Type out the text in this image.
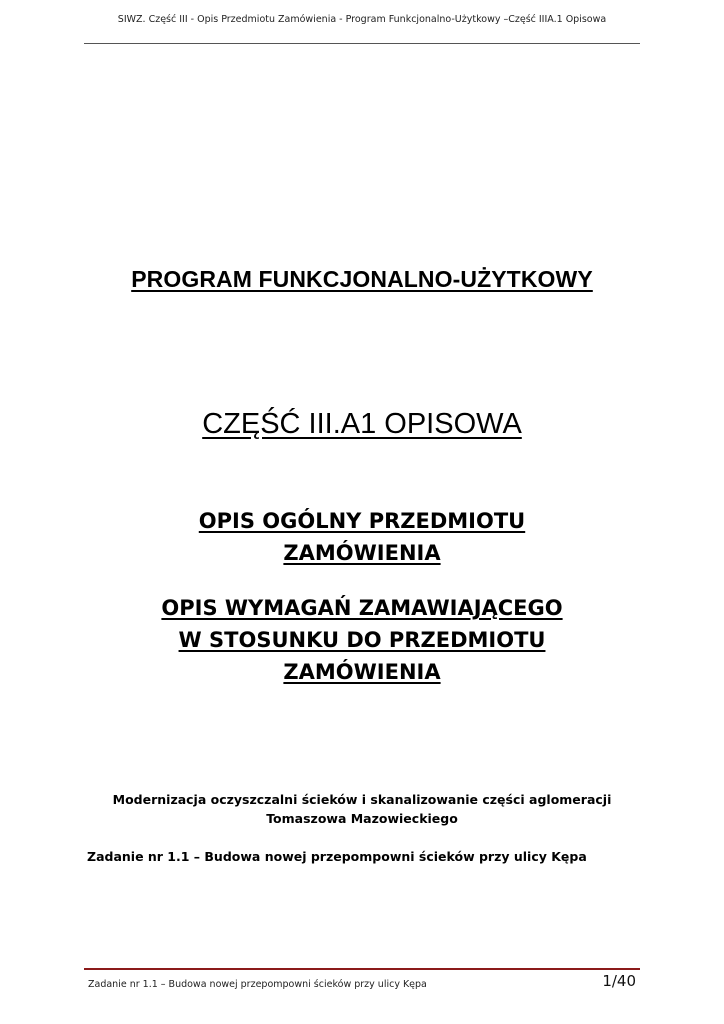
SIWZ. Część III - Opis Przedmiotu Zamówienia - Program Funkcjonalno-Użytkowy –Część IIIA.1 Opisowa
PROGRAM FUNKCJONALNO-UŻYTKOWY
CZĘŚĆ III.A1 OPISOWA
OPIS OGÓLNY PRZEDMIOTU
ZAMÓWIENIA
OPIS WYMAGAŃ ZAMAWIAJĄCEGO
W STOSUNKU DO PRZEDMIOTU
ZAMÓWIENIA
Modernizacja oczyszczalni ścieków i skanalizowanie części aglomeracji
Tomaszowa Mazowieckiego
Zadanie nr 1.1 – Budowa nowej przepompowni ścieków przy ulicy Kępa
Zadanie nr 1.1 – Budowa nowej przepompowni ścieków przy ulicy Kępa	1/40
